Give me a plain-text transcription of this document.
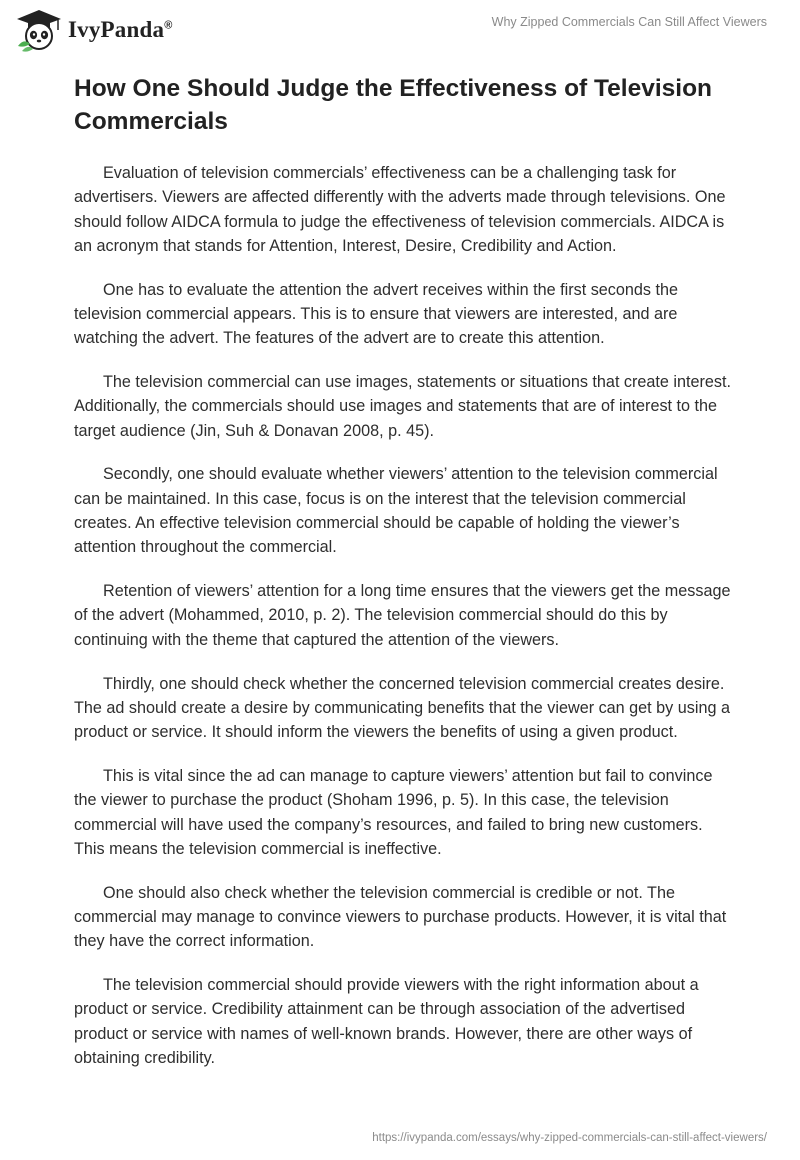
IvyPanda®	Why Zipped Commercials Can Still Affect Viewers
How One Should Judge the Effectiveness of Television Commercials

Evaluation of television commercials’ effectiveness can be a challenging task for advertisers. Viewers are affected differently with the adverts made through televisions. One should follow AIDCA formula to judge the effectiveness of television commercials. AIDCA is an acronym that stands for Attention, Interest, Desire, Credibility and Action.

One has to evaluate the attention the advert receives within the first seconds the television commercial appears. This is to ensure that viewers are interested, and are watching the advert. The features of the advert are to create this attention.

The television commercial can use images, statements or situations that create interest. Additionally, the commercials should use images and statements that are of interest to the target audience (Jin, Suh & Donavan 2008, p. 45).

Secondly, one should evaluate whether viewers’ attention to the television commercial can be maintained. In this case, focus is on the interest that the television commercial creates. An effective television commercial should be capable of holding the viewer’s attention throughout the commercial.

Retention of viewers’ attention for a long time ensures that the viewers get the message of the advert (Mohammed, 2010, p. 2). The television commercial should do this by continuing with the theme that captured the attention of the viewers.

Thirdly, one should check whether the concerned television commercial creates desire. The ad should create a desire by communicating benefits that the viewer can get by using a product or service. It should inform the viewers the benefits of using a given product.

This is vital since the ad can manage to capture viewers’ attention but fail to convince the viewer to purchase the product (Shoham 1996, p. 5). In this case, the television commercial will have used the company’s resources, and failed to bring new customers. This means the television commercial is ineffective.

One should also check whether the television commercial is credible or not. The commercial may manage to convince viewers to purchase products. However, it is vital that they have the correct information.

The television commercial should provide viewers with the right information about a product or service. Credibility attainment can be through association of the advertised product or service with names of well-known brands. However, there are other ways of obtaining credibility.

https://ivypanda.com/essays/why-zipped-commercials-can-still-affect-viewers/
